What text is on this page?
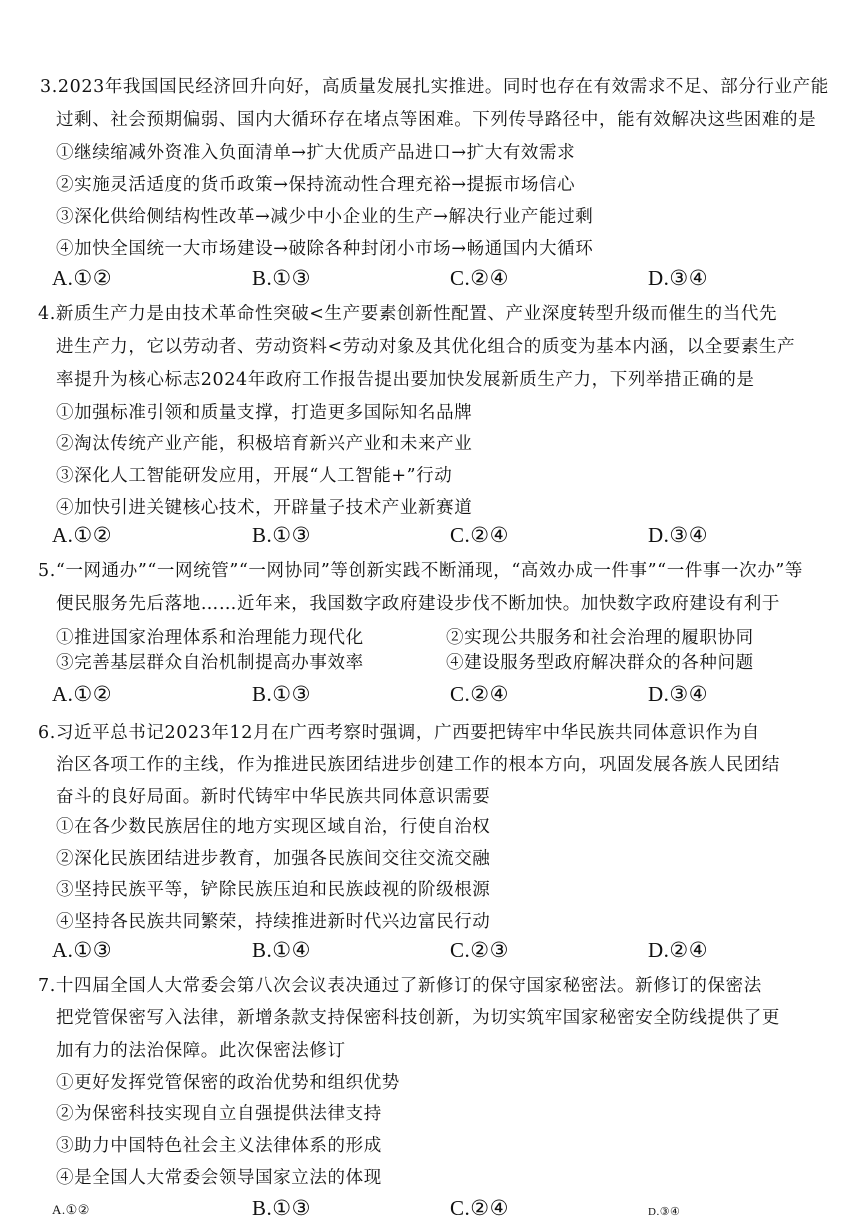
3.2023年我国国民经济回升向好，高质量发展扎实推进。同时也存在有效需求不足、部分行业产能
过剩、社会预期偏弱、国内大循环存在堵点等困难。下列传导路径中，能有效解决这些困难的是
①继续缩减外资准入负面清单→扩大优质产品进口→扩大有效需求
②实施灵活适度的货币政策→保持流动性合理充裕→提振市场信心
③深化供给侧结构性改革→减少中小企业的生产→解决行业产能过剩
④加快全国统一大市场建设→破除各种封闭小市场→畅通国内大循环
A.①②	B.①③	C.②④	D.③④
4.新质生产力是由技术革命性突破<生产要素创新性配置、产业深度转型升级而催生的当代先
进生产力，它以劳动者、劳动资料<劳动对象及其优化组合的质变为基本内涵，以全要素生产
率提升为核心标志2024年政府工作报告提出要加快发展新质生产力，下列举措正确的是
①加强标准引领和质量支撑，打造更多国际知名品牌
②淘汰传统产业产能，积极培育新兴产业和未来产业
③深化人工智能研发应用，开展“人工智能+”行动
④加快引进关键核心技术，开辟量子技术产业新赛道
A.①②	B.①③	C.②④	D.③④
5.“一网通办”“一网统管”“一网协同”等创新实践不断涌现，“高效办成一件事”“一件事一次办”等
便民服务先后落地……近年来，我国数字政府建设步伐不断加快。加快数字政府建设有利于
①推进国家治理体系和治理能力现代化	②实现公共服务和社会治理的履职协同
③完善基层群众自治机制提高办事效率	④建设服务型政府解决群众的各种问题
A.①②	B.①③	C.②④	D.③④
6.习近平总书记2023年12月在广西考察时强调，广西要把铸牢中华民族共同体意识作为自
治区各项工作的主线，作为推进民族团结进步创建工作的根本方向，巩固发展各族人民团结
奋斗的良好局面。新时代铸牢中华民族共同体意识需要
①在各少数民族居住的地方实现区域自治，行使自治权
②深化民族团结进步教育，加强各民族间交往交流交融
③坚持民族平等，铲除民族压迫和民族歧视的阶级根源
④坚持各民族共同繁荣，持续推进新时代兴边富民行动
A.①③	B.①④	C.②③	D.②④
7.十四届全国人大常委会第八次会议表决通过了新修订的保守国家秘密法。新修订的保密法
把党管保密写入法律，新增条款支持保密科技创新，为切实筑牢国家秘密安全防线提供了更
加有力的法治保障。此次保密法修订
①更好发挥党管保密的政治优势和组织优势
②为保密科技实现自立自强提供法律支持
③助力中国特色社会主义法律体系的形成
④是全国人大常委会领导国家立法的体现
A.①②	B.①③	C.②④	D.③④
